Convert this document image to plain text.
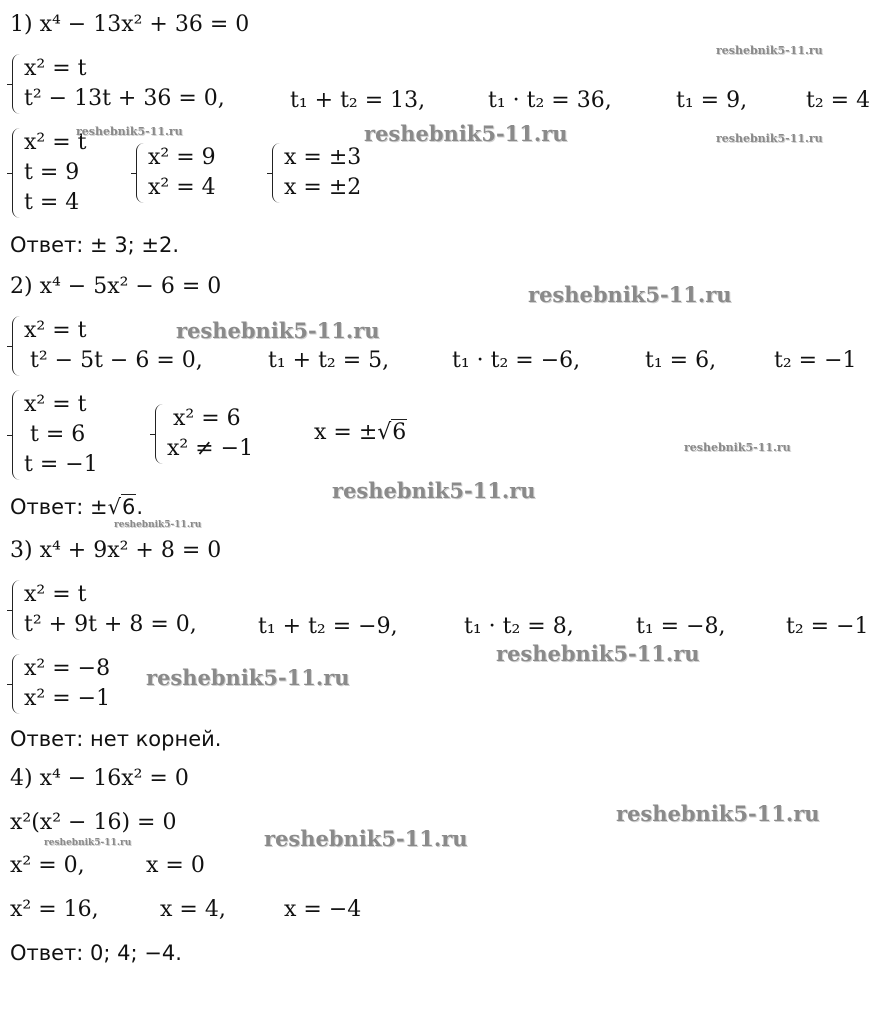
1) x⁴ − 13x² + 36 = 0
x² = t
t² − 13t + 36 = 0,	t₁ + t₂ = 13,	t₁ · t₂ = 36,	t₁ = 9,	t₂ = 4
x² = t
t = 9
t = 4
x² = 9
x² = 4
x = ±3
x = ±2
Ответ: ± 3; ±2.
2) x⁴ − 5x² − 6 = 0
x² = t
t² − 5t − 6 = 0,	t₁ + t₂ = 5,	t₁ · t₂ = −6,	t₁ = 6,	t₂ = −1
x² = t
t = 6
t = −1
x² = 6
x² ≠ −1
x = ±√6
Ответ: ±√6.
3) x⁴ + 9x² + 8 = 0
x² = t
t² + 9t + 8 = 0,	t₁ + t₂ = −9,	t₁ · t₂ = 8,	t₁ = −8,	t₂ = −1
x² = −8
x² = −1
Ответ: нет корней.
4) x⁴ − 16x² = 0
x²(x² − 16) = 0
x² = 0,	x = 0
x² = 16,	x = 4,	x = −4
Ответ: 0; 4; −4.
reshebnik5-11.ru
reshebnik5-11.ru	reshebnik5-11.ru	reshebnik5-11.ru
reshebnik5-11.ru
reshebnik5-11.ru
reshebnik5-11.ru
reshebnik5-11.ru
reshebnik5-11.ru
reshebnik5-11.ru
reshebnik5-11.ru
reshebnik5-11.ru
reshebnik5-11.ru
reshebnik5-11.ru
